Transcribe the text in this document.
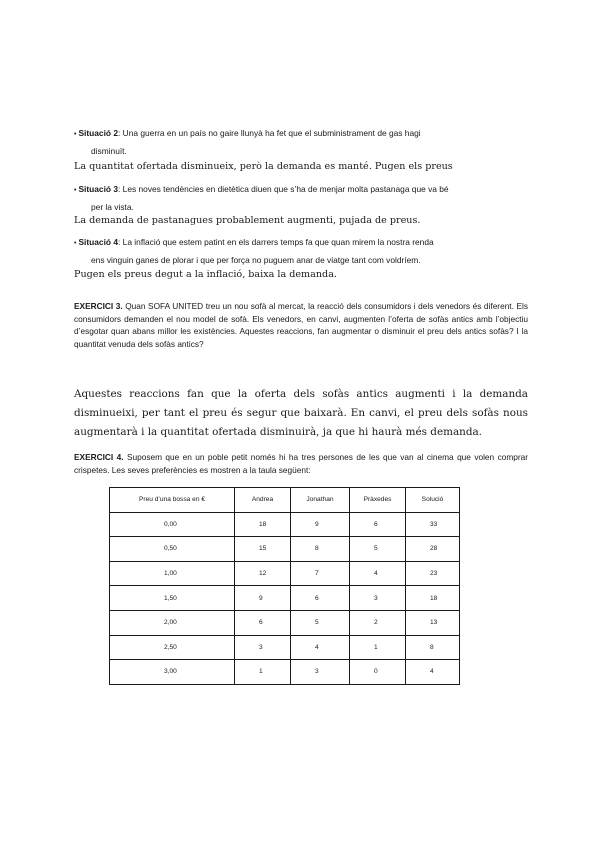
• Situació 2: Una guerra en un país no gaire llunyà ha fet que el subministrament de gas hagi
disminuït.
La quantitat ofertada disminueix, però la demanda es manté. Pugen els preus
• Situació 3: Les noves tendències en dietètica diuen que s’ha de menjar molta pastanaga que va bé
per la vista.
La demanda de pastanagues probablement augmenti, pujada de preus.
• Situació 4: La inflació que estem patint en els darrers temps fa que quan mirem la nostra renda
ens vinguin ganes de plorar i que per força no puguem anar de viatge tant com voldríem.
Pugen els preus degut a la inflació, baixa la demanda.
EXERCICI 3. Quan SOFA UNITED treu un nou sofà al mercat, la reacció dels consumidors i dels venedors és diferent. Els consumidors demanden el nou model de sofà. Els venedors, en canvi, augmenten l’oferta de sofàs antics amb l’objectiu d’esgotar quan abans millor les existències. Aquestes reaccions, fan augmentar o disminuir el preu dels antics sofàs? I la quantitat venuda dels sofàs antics?
Aquestes reaccions fan que la oferta dels sofàs antics augmenti i la demanda disminueixi, per tant el preu és segur que baixarà. En canvi, el preu dels sofàs nous augmentarà i la quantitat ofertada disminuirà, ja que hi haurà més demanda.
EXERCICI 4. Suposem que en un poble petit només hi ha tres persones de les que van al cinema que volen comprar crispetes. Les seves preferències es mostren a la taula següent:
Preu d’una bossa en €	Andrea	Jonathan	Pràxedes	Solució
0,00	18	9	6	33
0,50	15	8	5	28
1,00	12	7	4	23
1,50	9	6	3	18
2,00	6	5	2	13
2,50	3	4	1	8
3,00	1	3	0	4
